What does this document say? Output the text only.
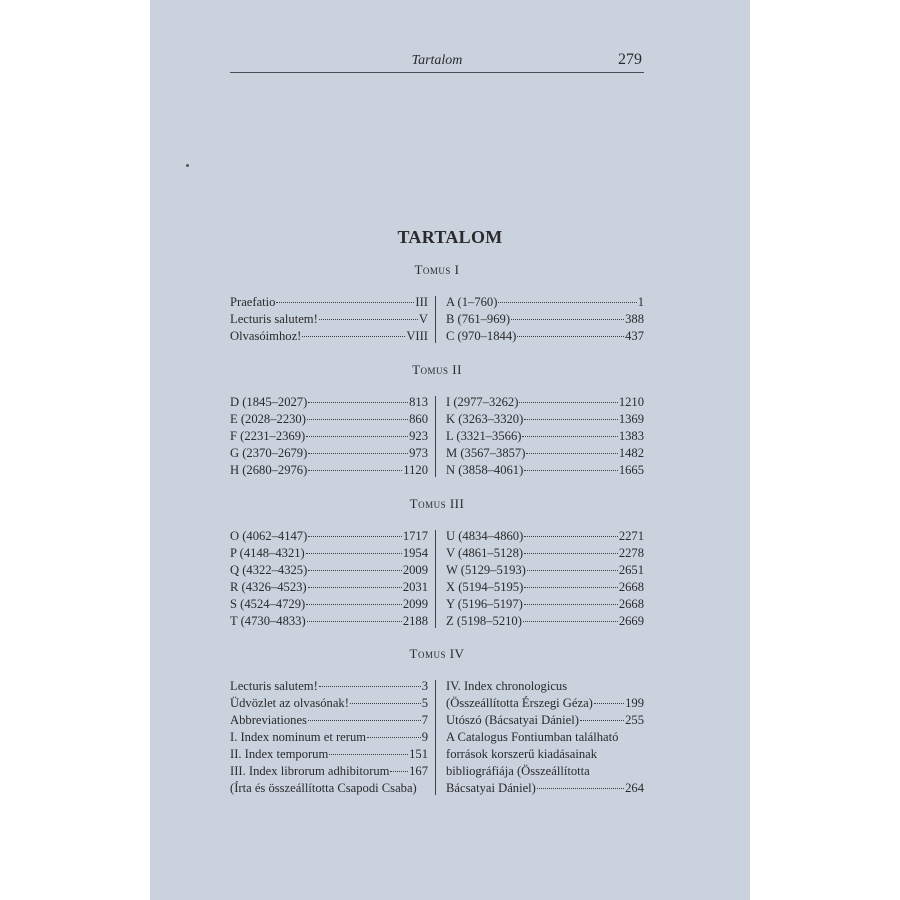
Tartalom	279
TARTALOM
Tomus I
Praefatio	III
Lecturis salutem!	V
Olvasóimhoz!	VIII
A (1–760)	1
B (761–969)	388
C (970–1844)	437
Tomus II
D (1845–2027)	813
E (2028–2230)	860
F (2231–2369)	923
G (2370–2679)	973
H (2680–2976)	1120
I (2977–3262)	1210
K (3263–3320)	1369
L (3321–3566)	1383
M (3567–3857)	1482
N (3858–4061)	1665
Tomus III
O (4062–4147)	1717
P (4148–4321)	1954
Q (4322–4325)	2009
R (4326–4523)	2031
S (4524–4729)	2099
T (4730–4833)	2188
U (4834–4860)	2271
V (4861–5128)	2278
W (5129–5193)	2651
X (5194–5195)	2668
Y (5196–5197)	2668
Z (5198–5210)	2669
Tomus IV
Lecturis salutem!	3
Üdvözlet az olvasónak!	5
Abbreviationes	7
I. Index nominum et rerum	9
II. Index temporum	151
III. Index librorum adhibitorum 167
(Írta és összeállította Csapodi Csaba)
IV. Index chronologicus
(Összeállította Érszegi Géza)	199
Utószó (Bácsatyai Dániel)	255
A Catalogus Fontiumban található
források korszerű kiadásainak
bibliográfiája (Összeállította
Bácsatyai Dániel)	264
